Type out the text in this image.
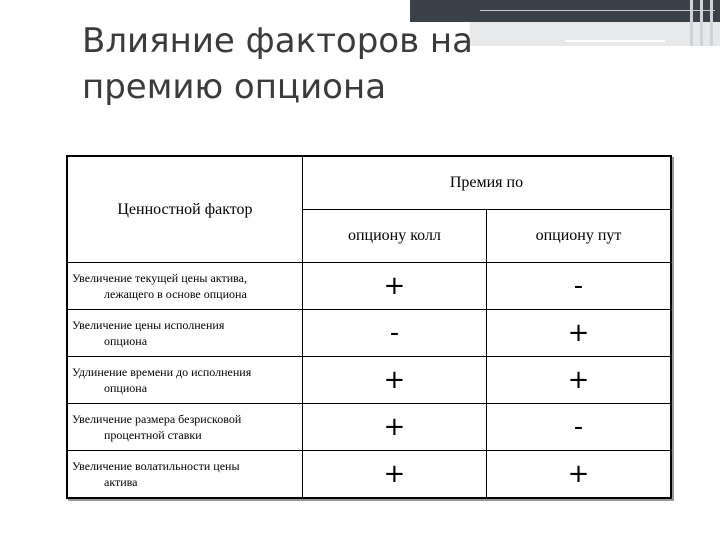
Влияние факторов на
премию опциона
Ценностной фактор	Премия по	
	опциону колл	опциону пут

Увеличение текущей цены актива,
лежащего в основе опциона	+	-

Увеличение цены исполнения
опциона	-	+

Удлинение времени до исполнения
опциона	+	+

Увеличение размера безрисковой
процентной ставки	+	-

Увеличение волатильности цены
актива	+	+
